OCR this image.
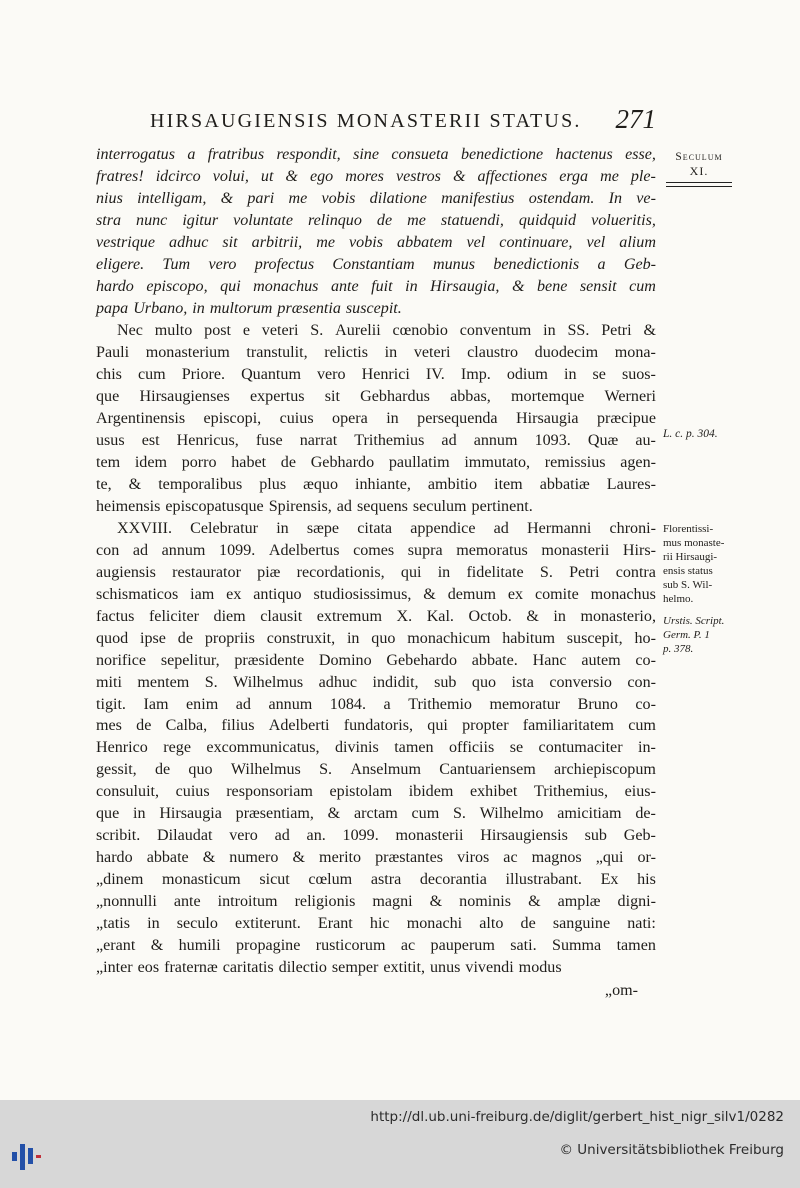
HIRSAUGIENSIS MONASTERII STATUS. 271
interrogatus a fratribus respondit, sine consueta benedictione hactenus esse,
fratres! idcirco volui, ut & ego mores vestros & affectiones erga me ple-
nius intelligam, & pari me vobis dilatione manifestius ostendam. In ve-
stra nunc igitur voluntate relinquo de me statuendi, quidquid volueritis,
vestrique adhuc sit arbitrii, me vobis abbatem vel continuare, vel alium
eligere. Tum vero profectus Constantiam munus benedictionis a Geb-
hardo episcopo, qui monachus ante fuit in Hirsaugia, & bene sensit cum
papa Urbano, in multorum præsentia suscepit.
Nec multo post e veteri S. Aurelii cœnobio conventum in SS. Petri &
Pauli monasterium transtulit, relictis in veteri claustro duodecim mona-
chis cum Priore. Quantum vero Henrici IV. Imp. odium in se suos-
que Hirsaugienses expertus sit Gebhardus abbas, mortemque Werneri
Argentinensis episcopi, cuius opera in persequenda Hirsaugia præcipue
usus est Henricus, fuse narrat Trithemius ad annum 1093. Quæ au-
tem idem porro habet de Gebhardo paullatim immutato, remissius agen-
te, & temporalibus plus æquo inhiante, ambitio item abbatiæ Laures-
heimensis episcopatusque Spirensis, ad sequens seculum pertinent.
XXVIII. Celebratur in sæpe citata appendice ad Hermanni chroni-
con ad annum 1099. Adelbertus comes supra memoratus monasterii Hirs-
augiensis restaurator piæ recordationis, qui in fidelitate S. Petri contra
schismaticos iam ex antiquo studiosissimus, & demum ex comite monachus
factus feliciter diem clausit extremum X. Kal. Octob. & in monasterio,
quod ipse de propriis construxit, in quo monachicum habitum suscepit, ho-
norifice sepelitur, præsidente Domino Gebehardo abbate. Hanc autem co-
miti mentem S. Wilhelmus adhuc indidit, sub quo ista conversio con-
tigit. Iam enim ad annum 1084. a Trithemio memoratur Bruno co-
mes de Calba, filius Adelberti fundatoris, qui propter familiaritatem cum
Henrico rege excommunicatus, divinis tamen officiis se contumaciter in-
gessit, de quo Wilhelmus S. Anselmum Cantuariensem archiepiscopum
consuluit, cuius responsoriam epistolam ibidem exhibet Trithemius, eius-
que in Hirsaugia præsentiam, & arctam cum S. Wilhelmo amicitiam de-
scribit. Dilaudat vero ad an. 1099. monasterii Hirsaugiensis sub Geb-
hardo abbate & numero & merito præstantes viros ac magnos „qui or-
„dinem monasticum sicut cœlum astra decorantia illustrabant. Ex his
„nonnulli ante introitum religionis magni & nominis & amplæ digni-
„tatis in seculo extiterunt. Erant hic monachi alto de sanguine nati:
„erant & humili propagine rusticorum ac pauperum sati. Summa tamen
„inter eos fraternæ caritatis dilectio semper extitit, unus vivendi modus
„om-
Seculum
XI.
L. c. p. 304.
Florentissi-
mus monaste-
rii Hirsaugi-
ensis status
sub S. Wil-
helmo.
Urstis. Script.
Germ. P. 1
p. 378.
http://dl.ub.uni-freiburg.de/diglit/gerbert_hist_nigr_silv1/0282
© Universitätsbibliothek Freiburg
